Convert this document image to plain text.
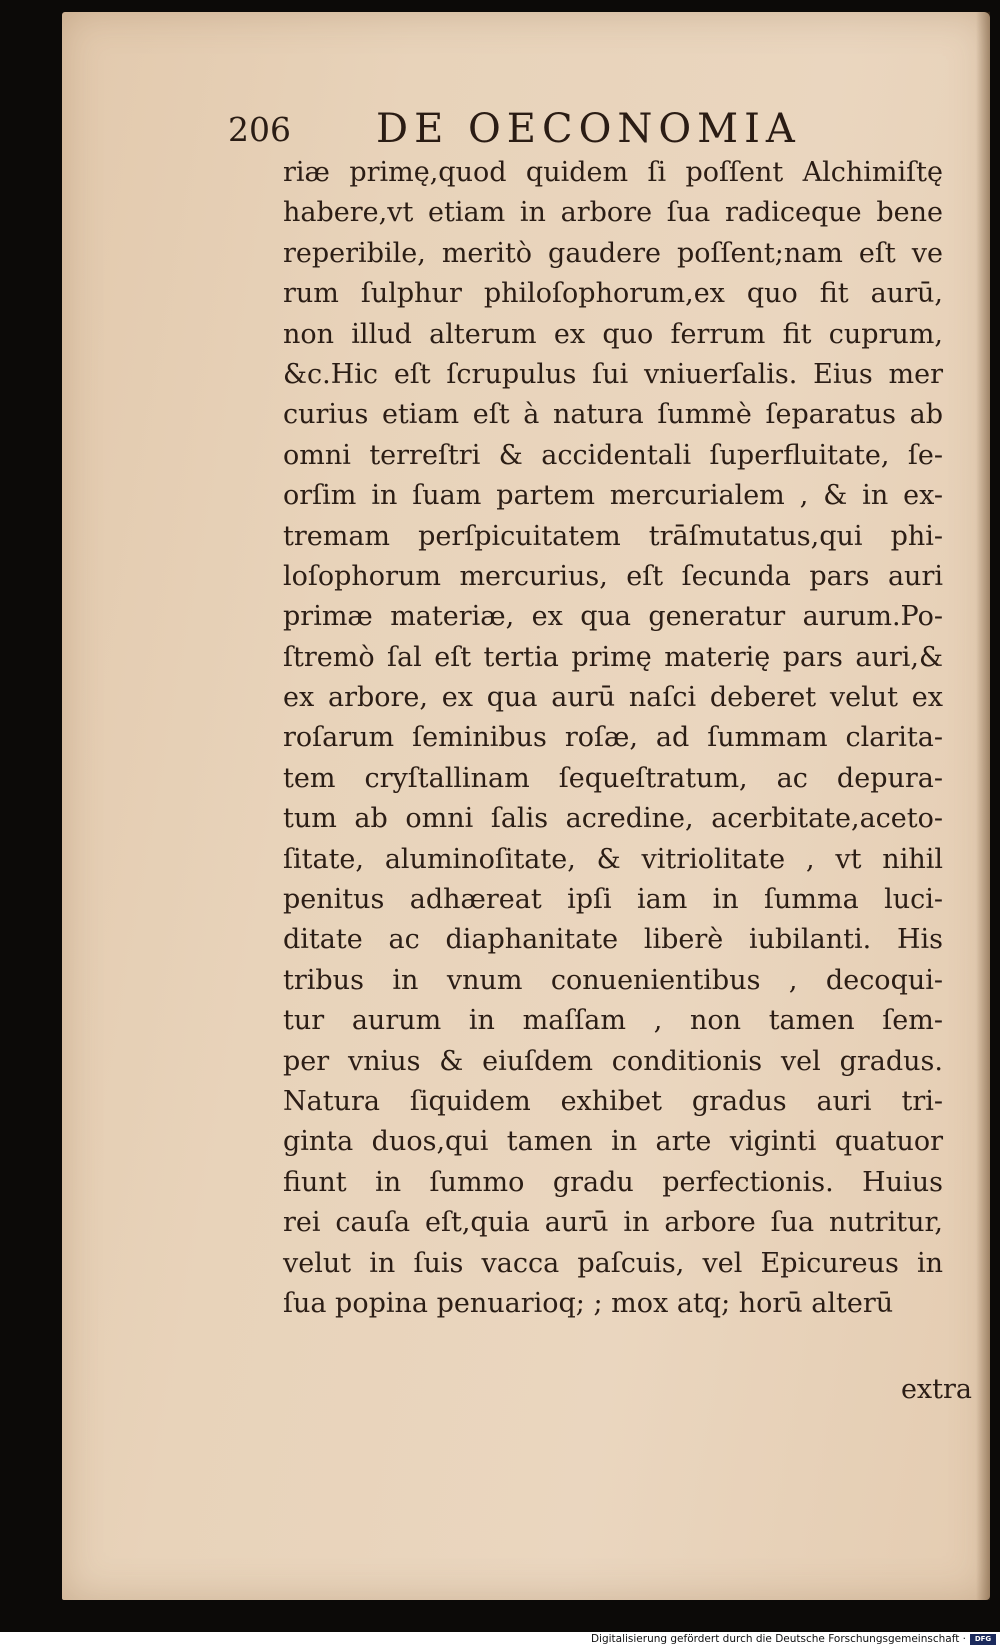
206 DE OECONOMIA
riæ primę,quod quidem ſi poſſent Alchimiſtę
habere,vt etiam in arbore ſua radiceque bene
reperibile, meritò gaudere poſſent;nam eſt ve
rum ſulphur philoſophorum,ex quo fit aurū,
non illud alterum ex quo ferrum fit cuprum,
&c.Hic eſt ſcrupulus ſui vniuerſalis. Eius mer
curius etiam eſt à natura ſummè ſeparatus ab
omni terreſtri & accidentali ſuperfluitate, ſe-
orſim in ſuam partem mercurialem , & in ex-
tremam perſpicuitatem trāſmutatus,qui phi-
loſophorum mercurius, eſt ſecunda pars auri
primæ materiæ, ex qua generatur aurum.Po-
ſtremò ſal eſt tertia primę materię pars auri,&
ex arbore, ex qua aurū naſci deberet velut ex
roſarum ſeminibus roſæ, ad ſummam clarita-
tem cryſtallinam ſequeſtratum, ac depura-
tum ab omni ſalis acredine, acerbitate,aceto-
ſitate, aluminoſitate, & vitriolitate , vt nihil
penitus adhæreat ipſi iam in ſumma luci-
ditate ac diaphanitate liberè iubilanti. His
tribus in vnum conuenientibus , decoqui-
tur aurum in maſſam , non tamen ſem-
per vnius & eiuſdem conditionis vel gradus.
Natura ſiquidem exhibet gradus auri tri-
ginta duos,qui tamen in arte viginti quatuor
fiunt in ſummo gradu perfectionis. Huius
rei cauſa eſt,quia aurū in arbore ſua nutritur,
velut in ſuis vacca paſcuis, vel Epicureus in
ſua popina penuarioq; ; mox atq; horū alterū
extra
Digitalisierung gefördert durch die Deutsche Forschungsgemeinschaft ·	DFG
